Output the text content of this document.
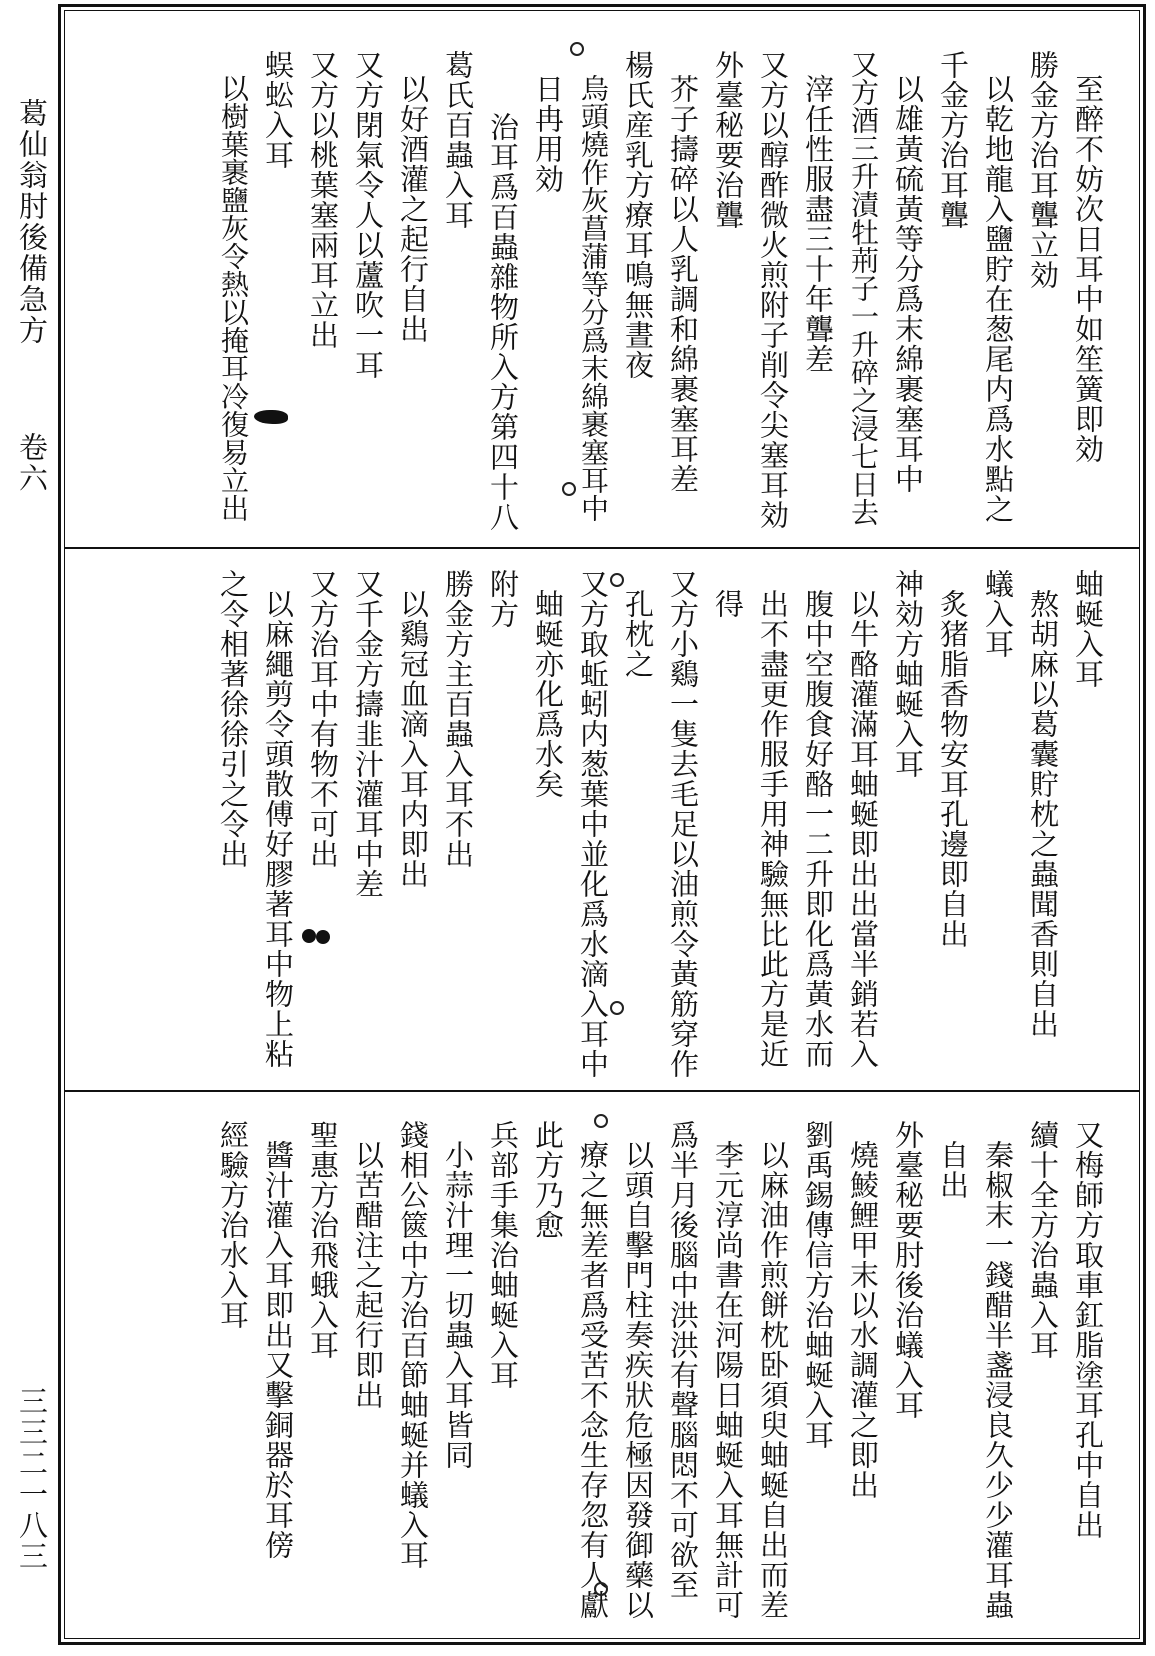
葛仙翁肘後備急方
卷六
三三二一八三
至醉不妨次日耳中如笙簧即効
勝金方治耳聾立効
以乾地龍入鹽貯在葱尾内爲水點之
千金方治耳聾
以雄黃硫黃等分爲末綿裹塞耳中
又方酒三升漬牡荊子一升碎之浸七日去
滓任性服盡三十年聾差
又方以醇酢微火煎附子削令尖塞耳効
外臺秘要治聾
芥子擣碎以人乳調和綿裹塞耳差
楊氏産乳方療耳鳴無晝夜
烏頭燒作灰菖蒲等分爲末綿裹塞耳中
日冉用効
治耳爲百蟲雜物所入方第四十八
葛氏百蟲入耳
以好酒灌之起行自出
又方閉氣令人以蘆吹一耳
又方以桃葉塞兩耳立出
蜈蚣入耳
以樹葉裹鹽灰令熱以掩耳冷復易立出
蚰蜒入耳
熬胡麻以葛囊貯枕之蟲聞香則自出
蟻入耳
炙猪脂香物安耳孔邊即自出
神効方蚰蜒入耳
以牛酪灌滿耳蚰蜒即出出當半銷若入
腹中空腹食好酪一二升即化爲黃水而
出不盡更作服手用神驗無比此方是近
得
又方小鷄一隻去毛足以油煎令黃筋穿作
孔枕之
又方取蚯蚓内葱葉中並化爲水滴入耳中
蚰蜒亦化爲水矣
附方
勝金方主百蟲入耳不出
以鷄冠血滴入耳内即出
又千金方擣韭汁灌耳中差
又方治耳中有物不可出
以麻繩剪令頭散傅好膠著耳中物上粘
之令相著徐徐引之令出
又梅師方取車釭脂塗耳孔中自出
續十全方治蟲入耳
秦椒末一錢醋半盞浸良久少少灌耳蟲
自出
外臺秘要肘後治蟻入耳
燒鯪鯉甲末以水調灌之即出
劉禹錫傳信方治蚰蜒入耳
以麻油作煎餅枕卧須臾蚰蜒自出而差
李元淳尚書在河陽日蚰蜒入耳無計可
爲半月後腦中洪洪有聲腦悶不可欲至
以頭自擊門柱奏疾狀危極因發御藥以
療之無差者爲受苦不念生存忽有人獻
此方乃愈
兵部手集治蚰蜒入耳
小蒜汁理一切蟲入耳皆同
錢相公篋中方治百節蚰蜒并蟻入耳
以苦醋注之起行即出
聖惠方治飛蛾入耳
醬汁灌入耳即出又擊銅器於耳傍
經驗方治水入耳
